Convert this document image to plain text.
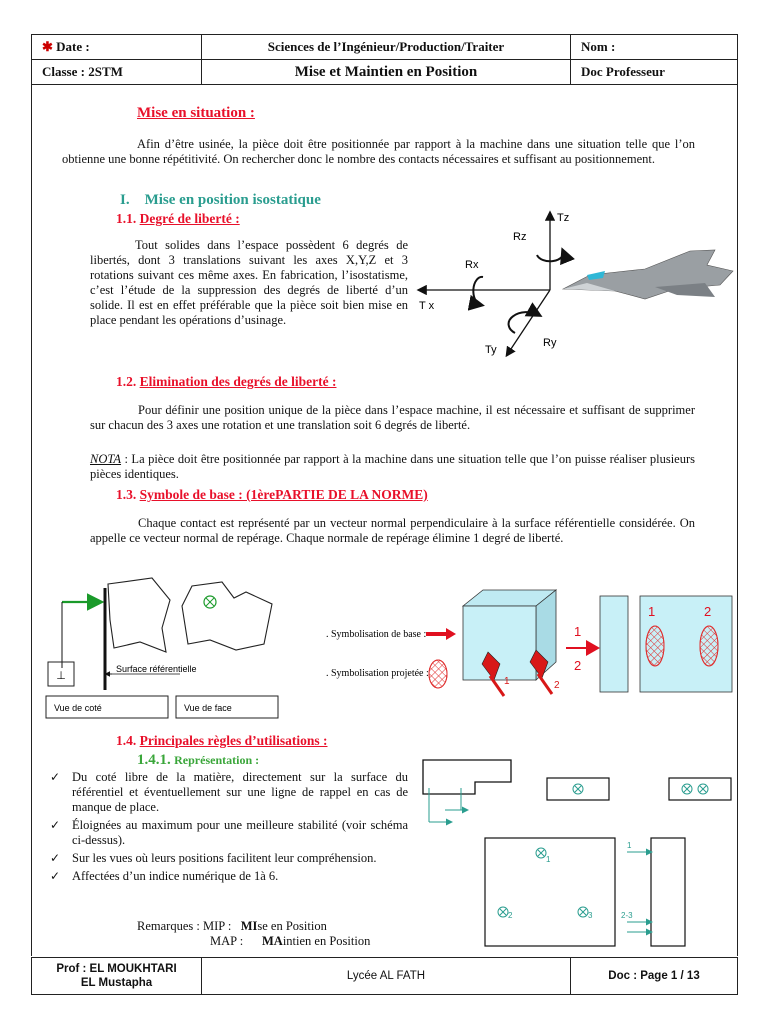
✱ Date :	Sciences de l’Ingénieur/Production/Traiter	Nom :
Classe : 2STM	Mise et Maintien en Position	Doc Professeur
Mise en situation :

Afin d’être usinée, la pièce doit être positionnée par rapport à la machine dans une situation telle que l’on obtienne une bonne répétitivité. On rechercher donc le nombre des contacts nécessaires et suffisant au positionnement.

I. Mise en position isostatique
1.1. Degré de liberté :

Tout solides dans l’espace possèdent 6 degrés de libertés, dont 3 translations suivant les axes X,Y,Z et 3 rotations suivant ces même axes. En fabrication, l’isostatisme, c’est l’étude de la suppression des degrés de liberté d’un solide. Il est en effet préférable que la pièce soit bien mise en place pendant les opérations d’usinage.

Tz
Rz
Rx
T x
Ty
Ry
1.2. Elimination des degrés de liberté :

Pour définir une position unique de la pièce dans l’espace machine, il est nécessaire et suffisant de supprimer sur chacun des 3 axes une rotation et une translation soit 6 degrés de liberté.

NOTA : La pièce doit être positionnée par rapport à la machine dans une situation telle que l’on puisse réaliser plusieurs pièces identiques.

1.3. Symbole de base : (1èrePARTIE DE LA NORME)

Chaque contact est représenté par un vecteur normal perpendiculaire à la surface référentielle considérée. On appelle ce vecteur normal de repérage. Chaque normale de repérage élimine 1 degré de liberté.

⊥	Surface référentielle
Vue de coté	Vue de face
. Symbolisation de base :
. Symbolisation projetée :
1	2
1
2
1	2
1.4. Principales règles d’utilisations :
1.4.1. Représentation :
✓ Du coté libre de la matière, directement sur la surface du référentiel et éventuellement sur une ligne de rappel en cas de manque de place.
✓ Éloignées au maximum pour une meilleure stabilité (voir schéma ci-dessus).
✓ Sur les vues où leurs positions facilitent leur compréhension.
✓ Affectées d’un indice numérique de 1à 6.
Remarques : MIP : MIse en Position
MAP : MAintien en Position
1
2	3
1
2-3
Prof : EL MOUKHTARI
EL Mustapha
	Lycée AL FATH	Doc : Page 1 / 13
